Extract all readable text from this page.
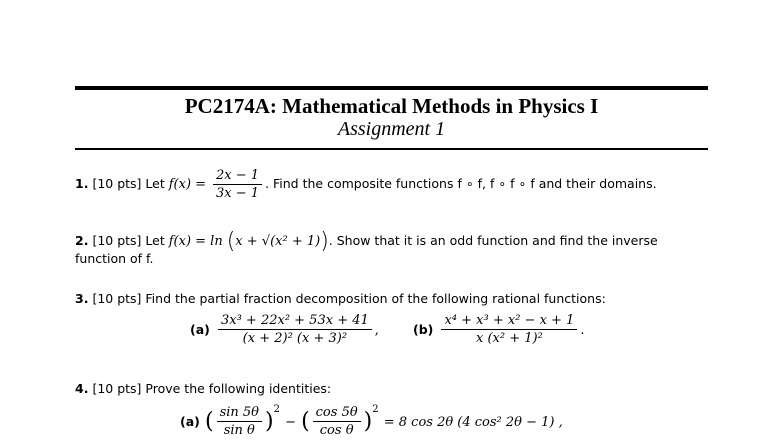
PC2174A: Mathematical Methods in Physics I
Assignment 1
1. [10 pts] Let $f(x) = \frac{2x - 1}{3x - 1}$ . Find the composite functions f ∘ f, f ∘ f ∘ f and their domains.
2. [10 pts] Let f(x) = ln (x + √(x² + 1)). Show that it is an odd function and find the inverse
function of f.
3. [10 pts] Find the partial fraction decomposition of the following rational functions:
$(a) \frac{\text{3x³ + 22x² + 53x + 41}}{\text{(x + 2)² (x + 3)²}}$ ,	$(b) \frac{\text{x⁴ + x³ + x² − x + 1}}{\text{x (x² + 1)²}}$ .
4. [10 pts] Prove the following identities:
(a) ( $\frac{\sin 5\theta}{\text{sin θ}} )^2$ − ( $\frac{\cos 5\theta}{\text{cos θ}} )^2 = 8$ cos 2θ (4 cos² 2θ − 1) ,
